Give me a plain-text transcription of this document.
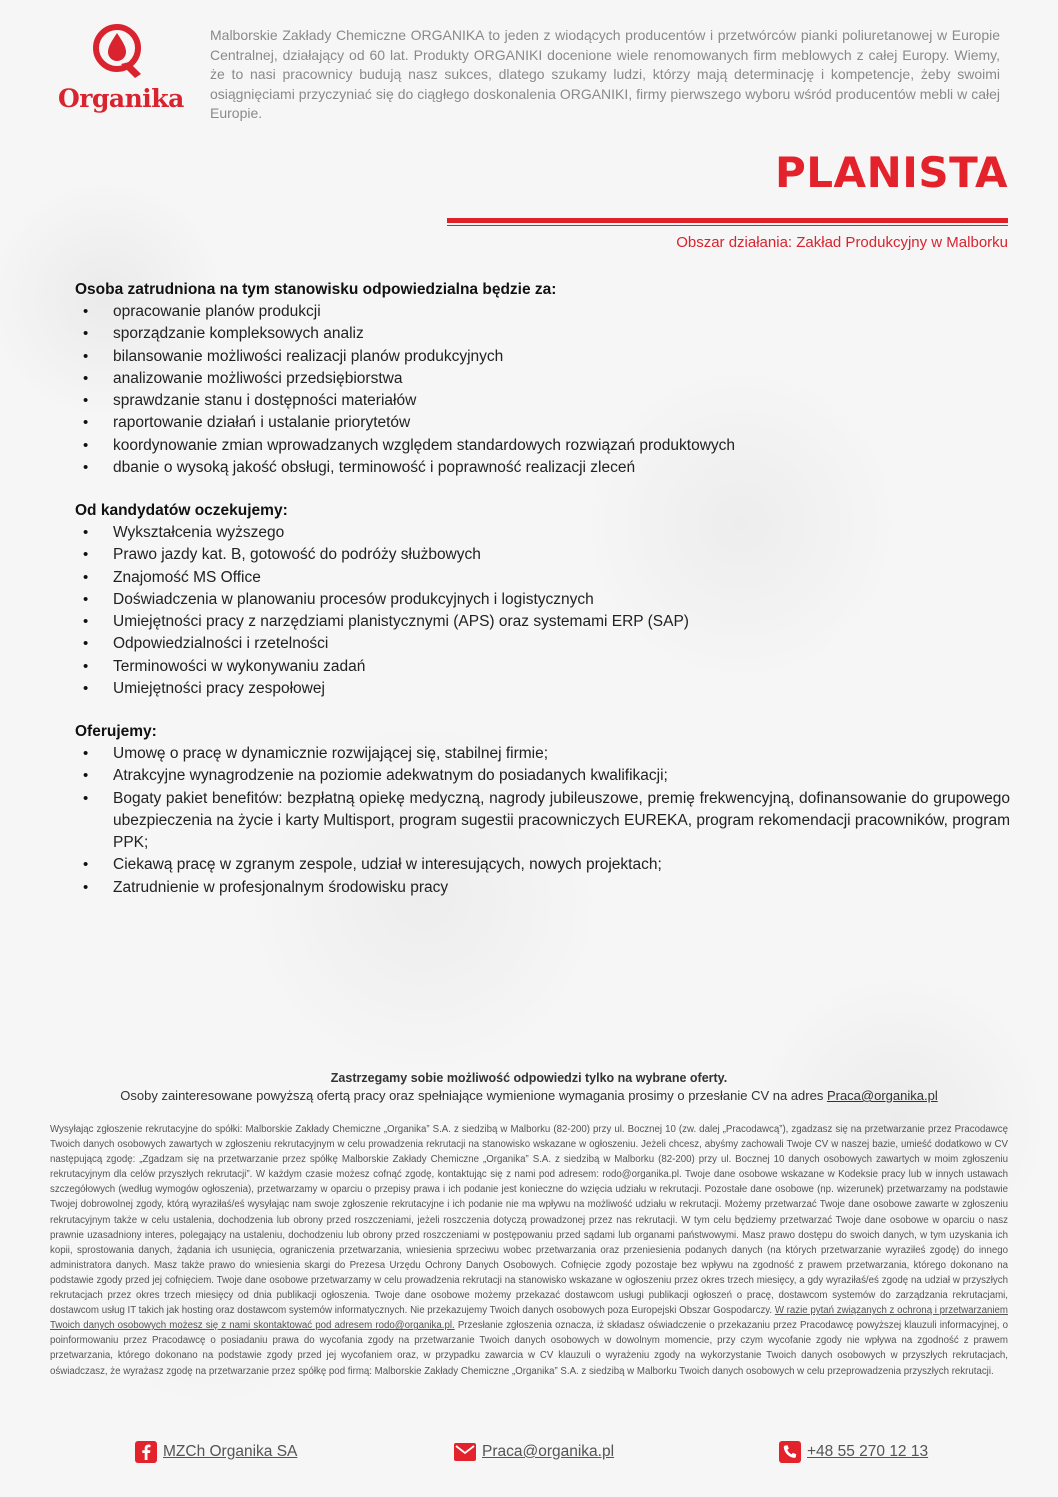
Organika

Malborskie Zakłady Chemiczne ORGANIKA to jeden z wiodących producentów i przetwórców pianki poliuretanowej w Europie Centralnej, działający od 60 lat. Produkty ORGANIKI docenione wiele renomowanych firm meblowych z całej Europy. Wiemy, że to nasi pracownicy budują nasz sukces, dlatego szukamy ludzi, którzy mają determinację i kompetencje, żeby swoimi osiągnięciami przyczyniać się do ciągłego doskonalenia ORGANIKI, firmy pierwszego wyboru wśród producentów mebli w całej Europie.

PLANISTA
Obszar działania: Zakład Produkcyjny w Malborku
Osoba zatrudniona na tym stanowisku odpowiedzialna będzie za:
• opracowanie planów produkcji
• sporządzanie kompleksowych analiz
• bilansowanie możliwości realizacji planów produkcyjnych
• analizowanie możliwości przedsiębiorstwa
• sprawdzanie stanu i dostępności materiałów
• raportowanie działań i ustalanie priorytetów
• koordynowanie zmian wprowadzanych względem standardowych rozwiązań produktowych
• dbanie o wysoką jakość obsługi, terminowość i poprawność realizacji zleceń
Od kandydatów oczekujemy:
• Wykształcenia wyższego
• Prawo jazdy kat. B, gotowość do podróży służbowych
• Znajomość MS Office
• Doświadczenia w planowaniu procesów produkcyjnych i logistycznych
• Umiejętności pracy z narzędziami planistycznymi (APS) oraz systemami ERP (SAP)
• Odpowiedzialności i rzetelności
• Terminowości w wykonywaniu zadań
• Umiejętności pracy zespołowej
Oferujemy:
• Umowę o pracę w dynamicznie rozwijającej się, stabilnej firmie;
• Atrakcyjne wynagrodzenie na poziomie adekwatnym do posiadanych kwalifikacji;
• Bogaty pakiet benefitów: bezpłatną opiekę medyczną, nagrody jubileuszowe, premię frekwencyjną, dofinansowanie do grupowego ubezpieczenia na życie i karty Multisport, program sugestii pracowniczych EUREKA, program rekomendacji pracowników, program PPK;
• Ciekawą pracę w zgranym zespole, udział w interesujących, nowych projektach;
• Zatrudnienie w profesjonalnym środowisku pracy
Zastrzegamy sobie możliwość odpowiedzi tylko na wybrane oferty.
Osoby zainteresowane powyższą ofertą pracy oraz spełniające wymienione wymagania prosimy o przesłanie CV na adres Praca@organika.pl

Wysyłając zgłoszenie rekrutacyjne do spółki: Malborskie Zakłady Chemiczne „Organika” S.A. z siedzibą w Malborku (82-200) przy ul. Bocznej 10 (zw. dalej „Pracodawcą”), zgadzasz się na przetwarzanie przez Pracodawcę Twoich danych osobowych zawartych w zgłoszeniu rekrutacyjnym w celu prowadzenia rekrutacji na stanowisko wskazane w ogłoszeniu. Jeżeli chcesz, abyśmy zachowali Twoje CV w naszej bazie, umieść dodatkowo w CV następującą zgodę: „Zgadzam się na przetwarzanie przez spółkę Malborskie Zakłady Chemiczne „Organika” S.A. z siedzibą w Malborku (82-200) przy ul. Bocznej 10 danych osobowych zawartych w moim zgłoszeniu rekrutacyjnym dla celów przyszłych rekrutacji”. W każdym czasie możesz cofnąć zgodę, kontaktując się z nami pod adresem: rodo@organika.pl. Twoje dane osobowe wskazane w Kodeksie pracy lub w innych ustawach szczegółowych (według wymogów ogłoszenia), przetwarzamy w oparciu o przepisy prawa i ich podanie jest konieczne do wzięcia udziału w rekrutacji. Pozostałe dane osobowe (np. wizerunek) przetwarzamy na podstawie Twojej dobrowolnej zgody, którą wyraziłaś/eś wysyłając nam swoje zgłoszenie rekrutacyjne i ich podanie nie ma wpływu na możliwość udziału w rekrutacji. Możemy przetwarzać Twoje dane osobowe zawarte w zgłoszeniu rekrutacyjnym także w celu ustalenia, dochodzenia lub obrony przed roszczeniami, jeżeli roszczenia dotyczą prowadzonej przez nas rekrutacji. W tym celu będziemy przetwarzać Twoje dane osobowe w oparciu o nasz prawnie uzasadniony interes, polegający na ustaleniu, dochodzeniu lub obrony przed roszczeniami w postępowaniu przed sądami lub organami państwowymi. Masz prawo dostępu do swoich danych, w tym uzyskania ich kopii, sprostowania danych, żądania ich usunięcia, ograniczenia przetwarzania, wniesienia sprzeciwu wobec przetwarzania oraz przeniesienia podanych danych (na których przetwarzanie wyraziłeś zgodę) do innego administratora danych. Masz także prawo do wniesienia skargi do Prezesa Urzędu Ochrony Danych Osobowych. Cofnięcie zgody pozostaje bez wpływu na zgodność z prawem przetwarzania, którego dokonano na podstawie zgody przed jej cofnięciem. Twoje dane osobowe przetwarzamy w celu prowadzenia rekrutacji na stanowisko wskazane w ogłoszeniu przez okres trzech miesięcy, a gdy wyraziłaś/eś zgodę na udział w przyszłych rekrutacjach przez okres trzech miesięcy od dnia publikacji ogłoszenia. Twoje dane osobowe możemy przekazać dostawcom usługi publikacji ogłoszeń o pracę, dostawcom systemów do zarządzania rekrutacjami, dostawcom usług IT takich jak hosting oraz dostawcom systemów informatycznych. Nie przekazujemy Twoich danych osobowych poza Europejski Obszar Gospodarczy. W razie pytań związanych z ochroną i przetwarzaniem Twoich danych osobowych możesz się z nami skontaktować pod adresem rodo@organika.pl. Przesłanie zgłoszenia oznacza, iż składasz oświadczenie o przekazaniu przez Pracodawcę powyższej klauzuli informacyjnej, o poinformowaniu przez Pracodawcę o posiadaniu prawa do wycofania zgody na przetwarzanie Twoich danych osobowych w dowolnym momencie, przy czym wycofanie zgody nie wpływa na zgodność z prawem przetwarzania, którego dokonano na podstawie zgody przed jej wycofaniem oraz, w przypadku zawarcia w CV klauzuli o wyrażeniu zgody na wykorzystanie Twoich danych osobowych w przyszłych rekrutacjach, oświadczasz, że wyrażasz zgodę na przetwarzanie przez spółkę pod firmą: Malborskie Zakłady Chemiczne „Organika” S.A. z siedzibą w Malborku Twoich danych osobowych w celu przeprowadzenia przyszłych rekrutacji.

MZCh Organika SA	Praca@organika.pl	+48 55 270 12 13
